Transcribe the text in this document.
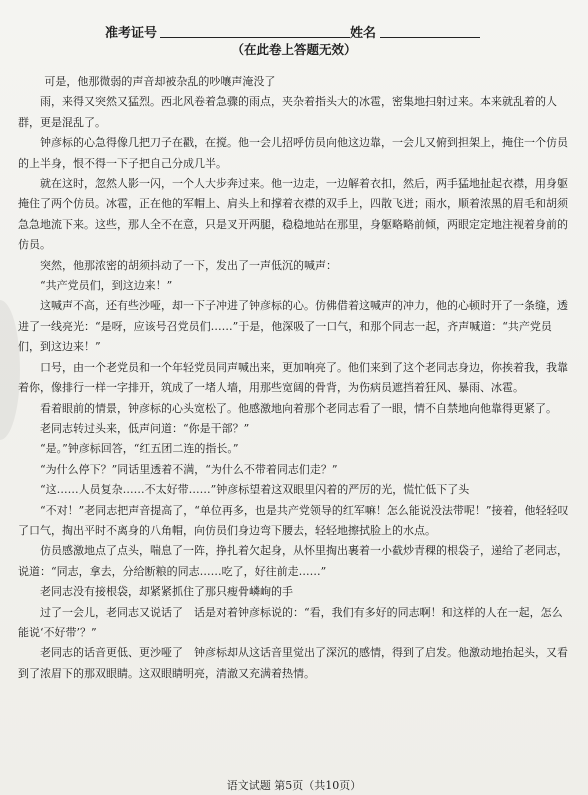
准考证号	姓名
（在此卷上答题无效）

可是，他那微弱的声音却被杂乱的吵嚷声淹没了

雨，来得又突然又猛烈。西北风卷着急骤的雨点，夹杂着指头大的冰雹，密集地扫射过来。本来就乱着的人群，更是混乱了。

钟彦标的心急得像几把刀子在戳，在搅。他一会儿招呼仿员向他这边靠，一会儿又俯到担架上，掩住一个仿员的上半身，恨不得一下子把自己分成几半。

就在这时，忽然人影一闪，一个人大步奔过来。他一边走，一边解着衣扣，然后，两手猛地扯起衣襟，用身躯掩住了两个仿员。冰雹，正在他的军帽上、肩头上和撑着衣襟的双手上，四散飞迸；雨水，顺着浓黑的眉毛和胡须急急地流下来。这些，那人全不在意，只是叉开两腿，稳稳地站在那里，身躯略略前倾，两眼定定地注视着身前的仿员。

突然，他那浓密的胡须抖动了一下，发出了一声低沉的喊声：

“共产党员们，到这边来！”

这喊声不高，还有些沙哑，却一下子冲进了钟彦标的心。仿佛借着这喊声的冲力，他的心顿时开了一条缝，透进了一线亮光：“是呀，应该号召党员们……”于是，他深吸了一口气，和那个同志一起，齐声喊道：“共产党员们，到这边来！”

口号，由一个老党员和一个年轻党员同声喊出来，更加响亮了。他们来到了这个老同志身边，你挨着我，我靠着你，像排行一样一字排开，筑成了一堵人墙，用那些宽阔的骨背，为伤病员遮挡着狂风、暴雨、冰雹。

看着眼前的情景，钟彦标的心头宽松了。他感激地向着那个老同志看了一眼，情不自禁地向他靠得更紧了。

老同志转过头来，低声问道：“你是干部？”

“是。”钟彦标回答，“红五团二连的指长。”

“为什么停下？”同话里透着不满，“为什么不带着同志们走？”

“这……人员复杂……不太好带……”钟彦标望着这双眼里闪着的严厉的光，慌忙低下了头

“不对！”老同志把声音提高了，“单位再多，也是共产党领导的红军嘛！怎么能说没法带呢！”接着，他轻轻叹了口气，掏出平时不离身的八角帽，向仿员们身边弯下腰去，轻轻地擦拭脸上的水点。

仿员感激地点了点头，喘息了一阵，挣扎着欠起身，从怀里掏出裹着一小截炒青稞的根袋子，递给了老同志，说道：“同志，拿去，分给断粮的同志……吃了，好往前走……”

老同志没有接根袋，却紧紧抓住了那只瘦骨嶙峋的手

过了一会儿，老同志又说话了　话是对着钟彦标说的：“看，我们有多好的同志啊！和这样的人在一起，怎么能说‘不好带’？”

老同志的话音更低、更沙哑了　钟彦标却从这话音里觉出了深沉的感情，得到了启发。他激动地抬起头，又看到了浓眉下的那双眼睛。这双眼睛明亮，清澈又充满着热情。

语文试题 第5页（共10页）
